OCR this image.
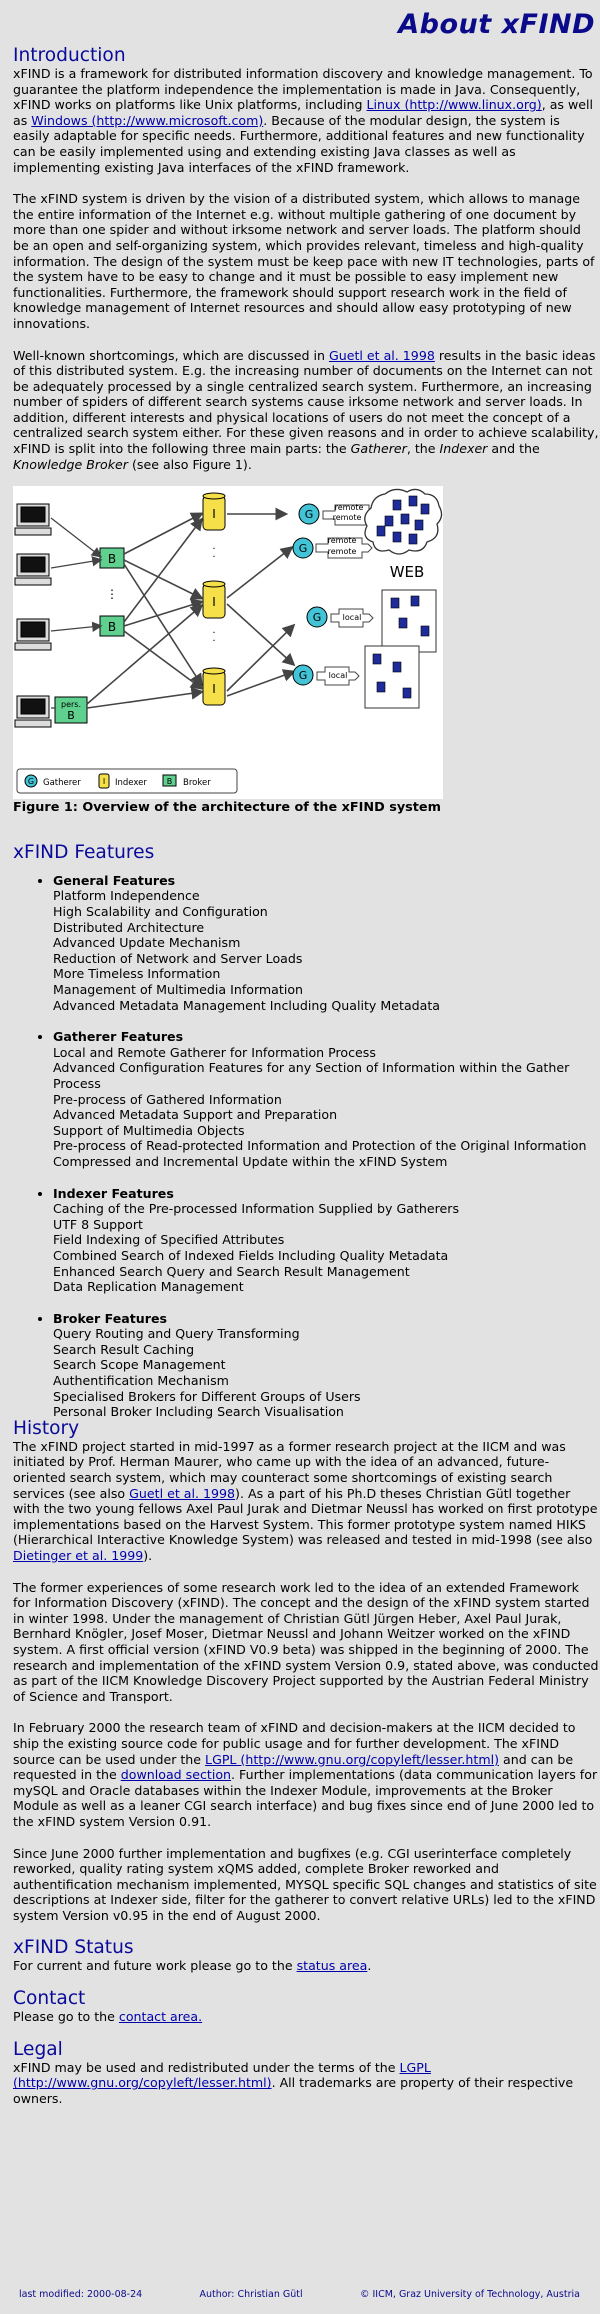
About xFIND
Introduction

xFIND is a framework for distributed information discovery and knowledge management. To guarantee the platform independence the implementation is made in Java. Consequently, xFIND works on platforms like Unix platforms, including Linux (http://www.linux.org), as well as Windows (http://www.microsoft.com). Because of the modular design, the system is easily adaptable for specific needs. Furthermore, additional features and new functionality can be easily implemented using and extending existing Java classes as well as implementing existing Java interfaces of the xFIND framework.

The xFIND system is driven by the vision of a distributed system, which allows to manage the entire information of the Internet e.g. without multiple gathering of one document by more than one spider and without irksome network and server loads. The platform should be an open and self-organizing system, which provides relevant, timeless and high-quality information. The design of the system must be keep pace with new IT technologies, parts of the system have to be easy to change and it must be possible to easy implement new functionalities. Furthermore, the framework should support research work in the field of knowledge management of Internet resources and should allow easy prototyping of new innovations.

Well-known shortcomings, which are discussed in Guetl et al. 1998 results in the basic ideas of this distributed system. E.g. the increasing number of documents on the Internet can not be adequately processed by a single centralized search system. Furthermore, an increasing number of spiders of different search systems cause irksome network and server loads. In addition, different interests and physical locations of users do not meet the concept of a centralized search system either. For these given reasons and in order to achieve scalability, xFIND is split into the following three main parts: the Gatherer, the Indexer and the Knowledge Broker (see also Figure 1).

B
⋮
B
pers.
B
I
·
·
I
·
·
I
G
G
G
G
remote
remote
remote
remote
local
local
WEB
G Gatherer	I Indexer B Broker
Figure 1: Overview of the architecture of the xFIND system
xFIND Features
• General Features
Platform Independence
High Scalability and Configuration
Distributed Architecture
Advanced Update Mechanism
Reduction of Network and Server Loads
More Timeless Information
Management of Multimedia Information
Advanced Metadata Management Including Quality Metadata
• Gatherer Features
Local and Remote Gatherer for Information Process
Advanced Configuration Features for any Section of Information within the Gather Process
Pre-process of Gathered Information
Advanced Metadata Support and Preparation
Support of Multimedia Objects
Pre-process of Read-protected Information and Protection of the Original Information
Compressed and Incremental Update within the xFIND System
• Indexer Features
Caching of the Pre-processed Information Supplied by Gatherers
UTF 8 Support
Field Indexing of Specified Attributes
Combined Search of Indexed Fields Including Quality Metadata
Enhanced Search Query and Search Result Management
Data Replication Management
• Broker Features
Query Routing and Query Transforming
Search Result Caching
Search Scope Management
Authentification Mechanism
Specialised Brokers for Different Groups of Users
Personal Broker Including Search Visualisation
History

The xFIND project started in mid-1997 as a former research project at the IICM and was initiated by Prof. Herman Maurer, who came up with the idea of an advanced, future-oriented search system, which may counteract some shortcomings of existing search services (see also Guetl et al. 1998). As a part of his Ph.D theses Christian Gütl together with the two young fellows Axel Paul Jurak and Dietmar Neussl has worked on first prototype implementations based on the Harvest System. This former prototype system named HIKS (Hierarchical Interactive Knowledge System) was released and tested in mid-1998 (see also Dietinger et al. 1999).

The former experiences of some research work led to the idea of an extended Framework for Information Discovery (xFIND). The concept and the design of the xFIND system started in winter 1998. Under the management of Christian Gütl Jürgen Heber, Axel Paul Jurak, Bernhard Knögler, Josef Moser, Dietmar Neussl and Johann Weitzer worked on the xFIND system. A first official version (xFIND V0.9 beta) was shipped in the beginning of 2000. The research and implementation of the xFIND system Version 0.9, stated above, was conducted as part of the IICM Knowledge Discovery Project supported by the Austrian Federal Ministry of Science and Transport.

In February 2000 the research team of xFIND and decision-makers at the IICM decided to ship the existing source code for public usage and for further development. The xFIND source can be used under the LGPL (http://www.gnu.org/copyleft/lesser.html) and can be requested in the download section. Further implementations (data communication layers for mySQL and Oracle databases within the Indexer Module, improvements at the Broker Module as well as a leaner CGI search interface) and bug fixes since end of June 2000 led to the xFIND system Version 0.91.

Since June 2000 further implementation and bugfixes (e.g. CGI userinterface completely reworked, quality rating system xQMS added, complete Broker reworked and authentification mechanism implemented, MYSQL specific SQL changes and statistics of site descriptions at Indexer side, filter for the gatherer to convert relative URLs) led to the xFIND system Version v0.95 in the end of August 2000.

xFIND Status

For current and future work please go to the status area.

Contact

Please go to the contact area.

Legal

xFIND may be used and redistributed under the terms of the LGPL (http://www.gnu.org/copyleft/lesser.html). All trademarks are property of their respective owners.

last modified: 2000-08-24	Author: Christian Gütl	© IICM, Graz University of Technology, Austria
